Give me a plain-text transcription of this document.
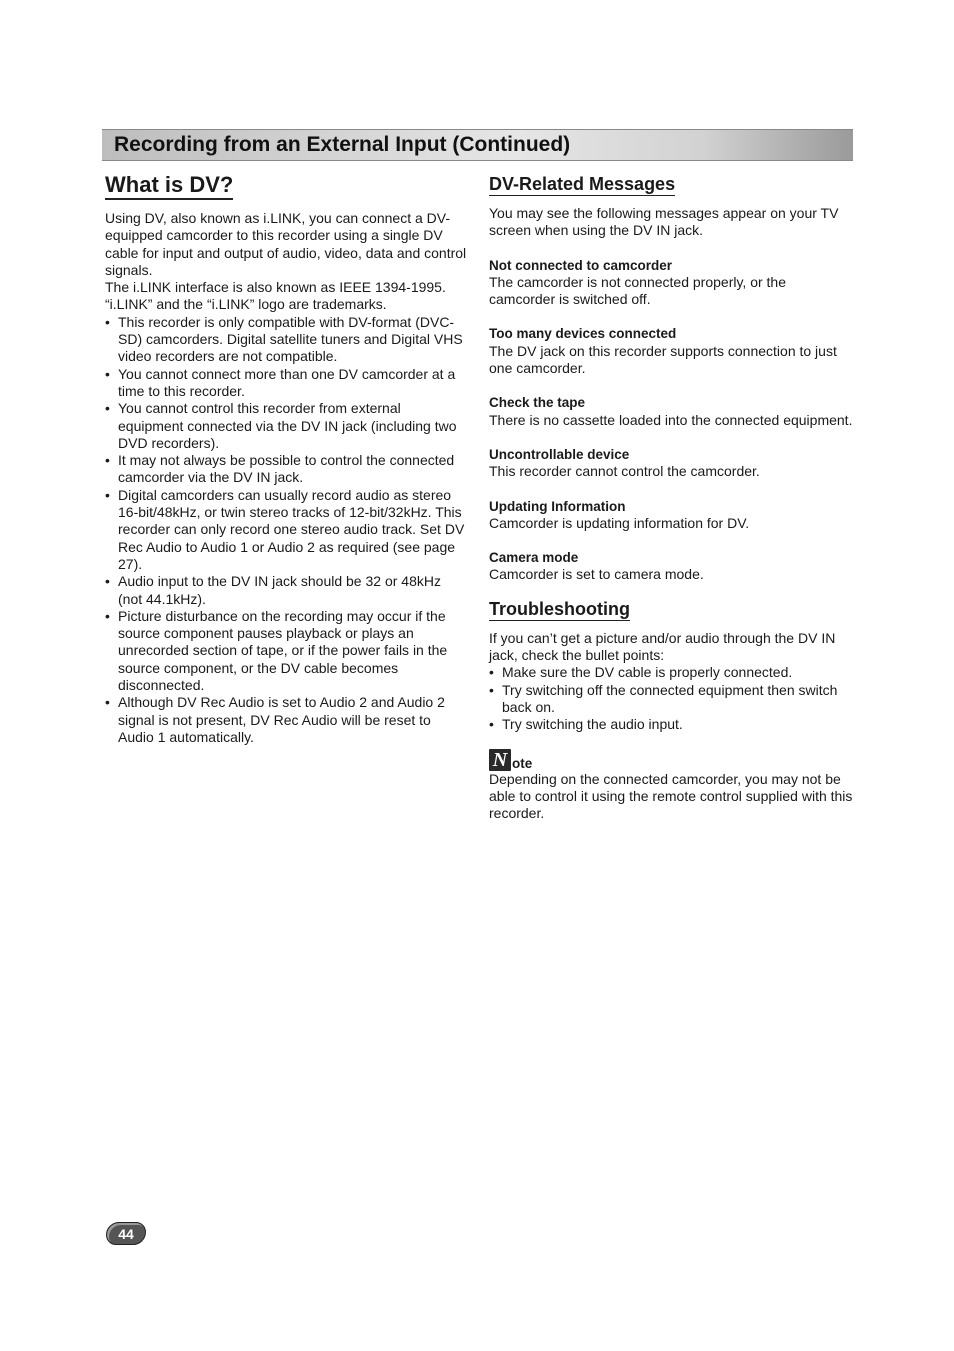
Recording from an External Input (Continued)
What is DV?

Using DV, also known as i.LINK, you can connect a DV-equipped camcorder to this recorder using a single DV cable for input and output of audio, video, data and control signals.

The i.LINK interface is also known as IEEE 1394-1995. “i.LINK” and the “i.LINK” logo are trademarks.

• This recorder is only compatible with DV-format (DVC-SD) camcorders. Digital satellite tuners and Digital VHS video recorders are not compatible.
• You cannot connect more than one DV camcorder at a time to this recorder.
• You cannot control this recorder from external equipment connected via the DV IN jack (including two DVD recorders).
• It may not always be possible to control the connected camcorder via the DV IN jack.
• Digital camcorders can usually record audio as stereo 16-bit/48kHz, or twin stereo tracks of 12-bit/32kHz. This recorder can only record one stereo audio track. Set DV Rec Audio to Audio 1 or Audio 2 as required (see page 27).
• Audio input to the DV IN jack should be 32 or 48kHz (not 44.1kHz).
• Picture disturbance on the recording may occur if the source component pauses playback or plays an unrecorded section of tape, or if the power fails in the source component, or the DV cable becomes disconnected.
• Although DV Rec Audio is set to Audio 2 and Audio 2 signal is not present, DV Rec Audio will be reset to Audio 1 automatically.
DV-Related Messages

You may see the following messages appear on your TV screen when using the DV IN jack.

Not connected to camcorder
The camcorder is not connected properly, or the camcorder is switched off.
Too many devices connected
The DV jack on this recorder supports connection to just one camcorder.
Check the tape
There is no cassette loaded into the connected equipment.
Uncontrollable device
This recorder cannot control the camcorder.
Updating Information
Camcorder is updating information for DV.
Camera mode
Camcorder is set to camera mode.
Troubleshooting

If you can’t get a picture and/or audio through the DV IN jack, check the bullet points:

• Make sure the DV cable is properly connected.
• Try switching off the connected equipment then switch back on.
• Try switching the audio input.
N ote

Depending on the connected camcorder, you may not be able to control it using the remote control supplied with this recorder.

44
